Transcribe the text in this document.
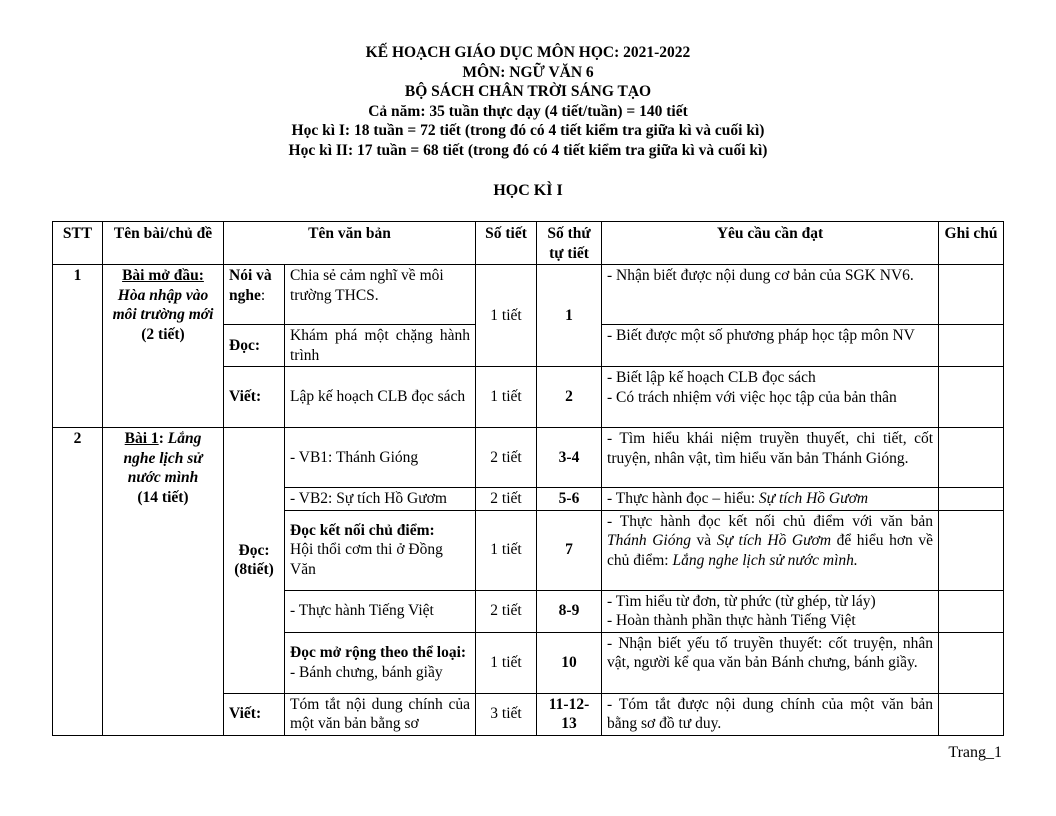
KẾ HOẠCH GIÁO DỤC MÔN HỌC: 2021-2022
MÔN: NGỮ VĂN 6
BỘ SÁCH CHÂN TRỜI SÁNG TẠO
Cả năm: 35 tuần thực dạy (4 tiết/tuần) = 140 tiết
Học kì I: 18 tuần = 72 tiết (trong đó có 4 tiết kiểm tra giữa kì và cuối kì)
Học kì II: 17 tuần = 68 tiết (trong đó có 4 tiết kiểm tra giữa kì và cuối kì)
HỌC KÌ I
STT	Tên bài/chủ đề	Tên văn bản		Số tiết	Số thứ tự tiết	Yêu cầu cần đạt	Ghi chú
1	Bài mở đầu:
Hòa nhập vào môi trường mới
(2 tiết)	Nói và nghe:	Chia sẻ cảm nghĩ về môi trường THCS.	1 tiết	1	- Nhận biết được nội dung cơ bản của SGK NV6.	
		Đọc:	Khám phá một chặng hành trình			- Biết được một số phương pháp học tập môn NV	
		Viết:	Lập kế hoạch CLB đọc sách	1 tiết	2	- Biết lập kế hoạch CLB đọc sách
- Có trách nhiệm với việc học tập của bản thân	

2	Bài 1: Lắng nghe lịch sử nước mình
(14 tiết)	Đọc:
(8tiết)	- VB1: Thánh Gióng	2 tiết	3-4	- Tìm hiểu khái niệm truyền thuyết, chi tiết, cốt truyện, nhân vật, tìm hiểu văn bản Thánh Gióng.	
			- VB2: Sự tích Hồ Gươm	2 tiết	5-6	- Thực hành đọc – hiểu: Sự tích Hồ Gươm	

			Đọc kết nối chủ điểm:
Hội thổi cơm thi ở Đồng Văn	1 tiết	7	- Thực hành đọc kết nối chủ điểm với văn bản Thánh Gióng và Sự tích Hồ Gươm để hiểu hơn về chủ điểm: Lắng nghe lịch sử nước mình.	
			- Thực hành Tiếng Việt	2 tiết	8-9	- Tìm hiểu từ đơn, từ phức (từ ghép, từ láy)
- Hoàn thành phần thực hành Tiếng Việt	

			Đọc mở rộng theo thể loại:
- Bánh chưng, bánh giầy	1 tiết	10	- Nhận biết yếu tố truyền thuyết: cốt truyện, nhân vật, người kể qua văn bản Bánh chưng, bánh giầy.	
		Viết:	Tóm tắt nội dung chính của một văn bản bằng sơ	3 tiết	11-12-13	- Tóm tắt được nội dung chính của một văn bản bằng sơ đồ tư duy.	
Trang_1
